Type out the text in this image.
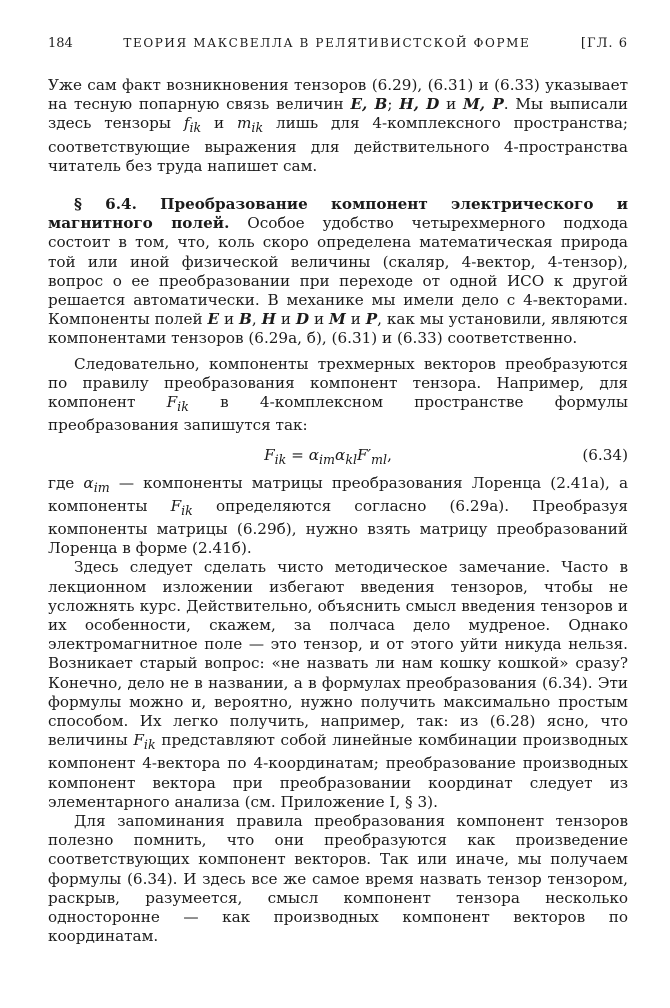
184	ТЕОРИЯ МАКСВЕЛЛА В РЕЛЯТИВИСТСКОЙ ФОРМЕ	[ГЛ. 6

Уже сам факт возникновения тензоров (6.29), (6.31) и (6.33) указывает на тесную попарную связь величин E, B; H, D и M, P. Мы выписали здесь тензоры $f_{ik}$ и $m_{ik}$ лишь для 4-комплексного пространства; соответствующие выражения для действительного 4-пространства читатель без труда напишет сам.

§ 6.4. Преобразование компонент электрического и магнитного полей. Особое удобство четырехмерного подхода состоит в том, что, коль скоро определена математическая природа той или иной физической величины (скаляр, 4-вектор, 4-тензор), вопрос о ее преобразовании при переходе от одной ИСО к другой решается автоматически. В механике мы имели дело с 4-векторами. Компоненты полей E и B, H и D и M и P, как мы установили, являются компонентами тензоров (6.29а, б), (6.31) и (6.33) соответственно.

Следовательно, компоненты трехмерных векторов преобразуются по правилу преобразования компонент тензора. Например, для компонент $F_{ik}$ в 4-комплексном пространстве формулы преобразования запишутся так:

$F_{ik} = \alpha_{im}\alpha_{kl}F'_{ml}$,	(6.34)

где $\alpha_{im}$ — компоненты матрицы преобразования Лоренца (2.41а), а компоненты $F_{ik}$ определяются согласно (6.29а). Преобразуя компоненты матрицы (6.29б), нужно взять матрицу преобразований Лоренца в форме (2.41б).

Здесь следует сделать чисто методическое замечание. Часто в лекционном изложении избегают введения тензоров, чтобы не усложнять курс. Действительно, объяснить смысл введения тензоров и их особенности, скажем, за полчаса дело мудреное. Однако электромагнитное поле — это тензор, и от этого уйти никуда нельзя. Возникает старый вопрос: «не назвать ли нам кошку кошкой» сразу? Конечно, дело не в названии, а в формулах преобразования (6.34). Эти формулы можно и, вероятно, нужно получить максимально простым способом. Их легко получить, например, так: из (6.28) ясно, что величины $F_{ik}$ представляют собой линейные комбинации производных компонент 4-вектора по 4-координатам; преобразование производных компонент вектора при преобразовании координат следует из элементарного анализа (см. Приложение I, § 3).

Для запоминания правила преобразования компонент тензоров полезно помнить, что они преобразуются как произведение соответствующих компонент векторов. Так или иначе, мы получаем формулы (6.34). И здесь все же самое время назвать тензор тензором, раскрыв, разумеется, смысл компонент тензора несколько односторонне — как производных компонент векторов по координатам.
